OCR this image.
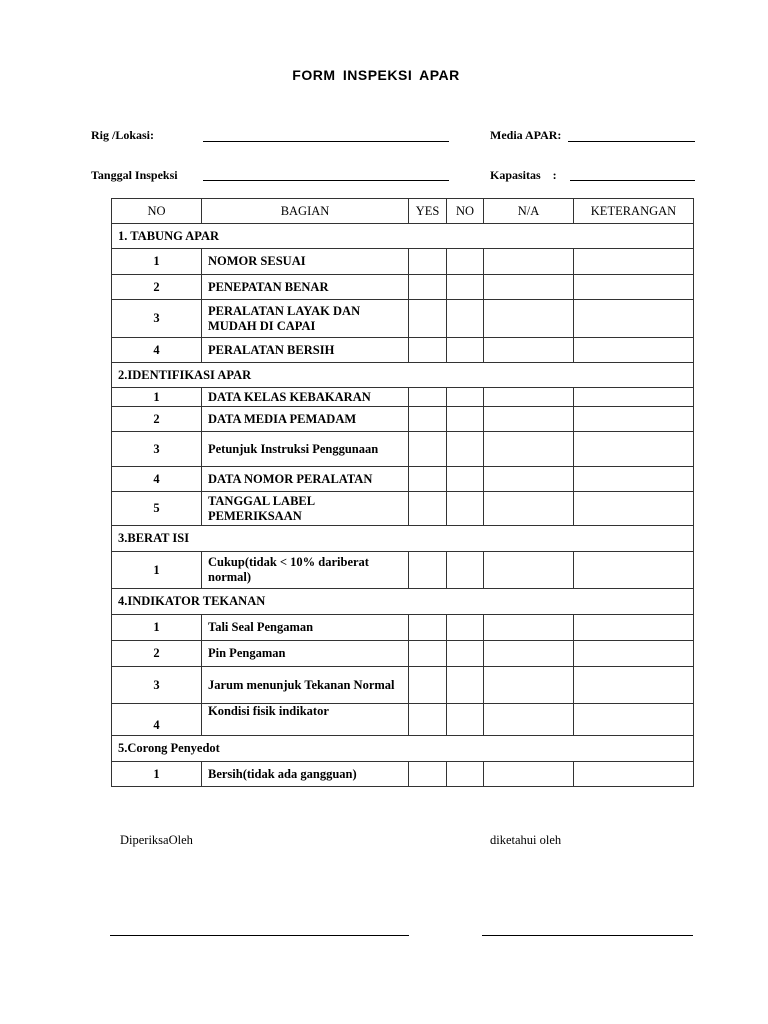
FORM INSPEKSI APAR
Rig /Lokasi:	Media APAR:
Tanggal Inspeksi	Kapasitas    :
NO	BAGIAN	YES	NO	N/A	KETERANGAN
1. TABUNG APAR					
1	NOMOR SESUAI				
2	PENEPATAN BENAR				
3	PERALATAN LAYAK DAN MUDAH DI CAPAI				
4	PERALATAN BERSIH				
2.IDENTIFIKASI APAR					
1	DATA KELAS KEBAKARAN				
2	DATA MEDIA PEMADAM				
3	Petunjuk Instruksi Penggunaan				
4	DATA NOMOR PERALATAN				
5	TANGGAL LABEL PEMERIKSAAN				
3.BERAT ISI					
1	Cukup(tidak < 10% dariberat normal)				
4.INDIKATOR TEKANAN					
1	Tali Seal Pengaman				
2	Pin Pengaman				
3	Jarum menunjuk Tekanan Normal				
4	Kondisi fisik indikator				
5.Corong Penyedot					
1	Bersih(tidak ada gangguan)				
DiperiksaOleh	diketahui oleh
